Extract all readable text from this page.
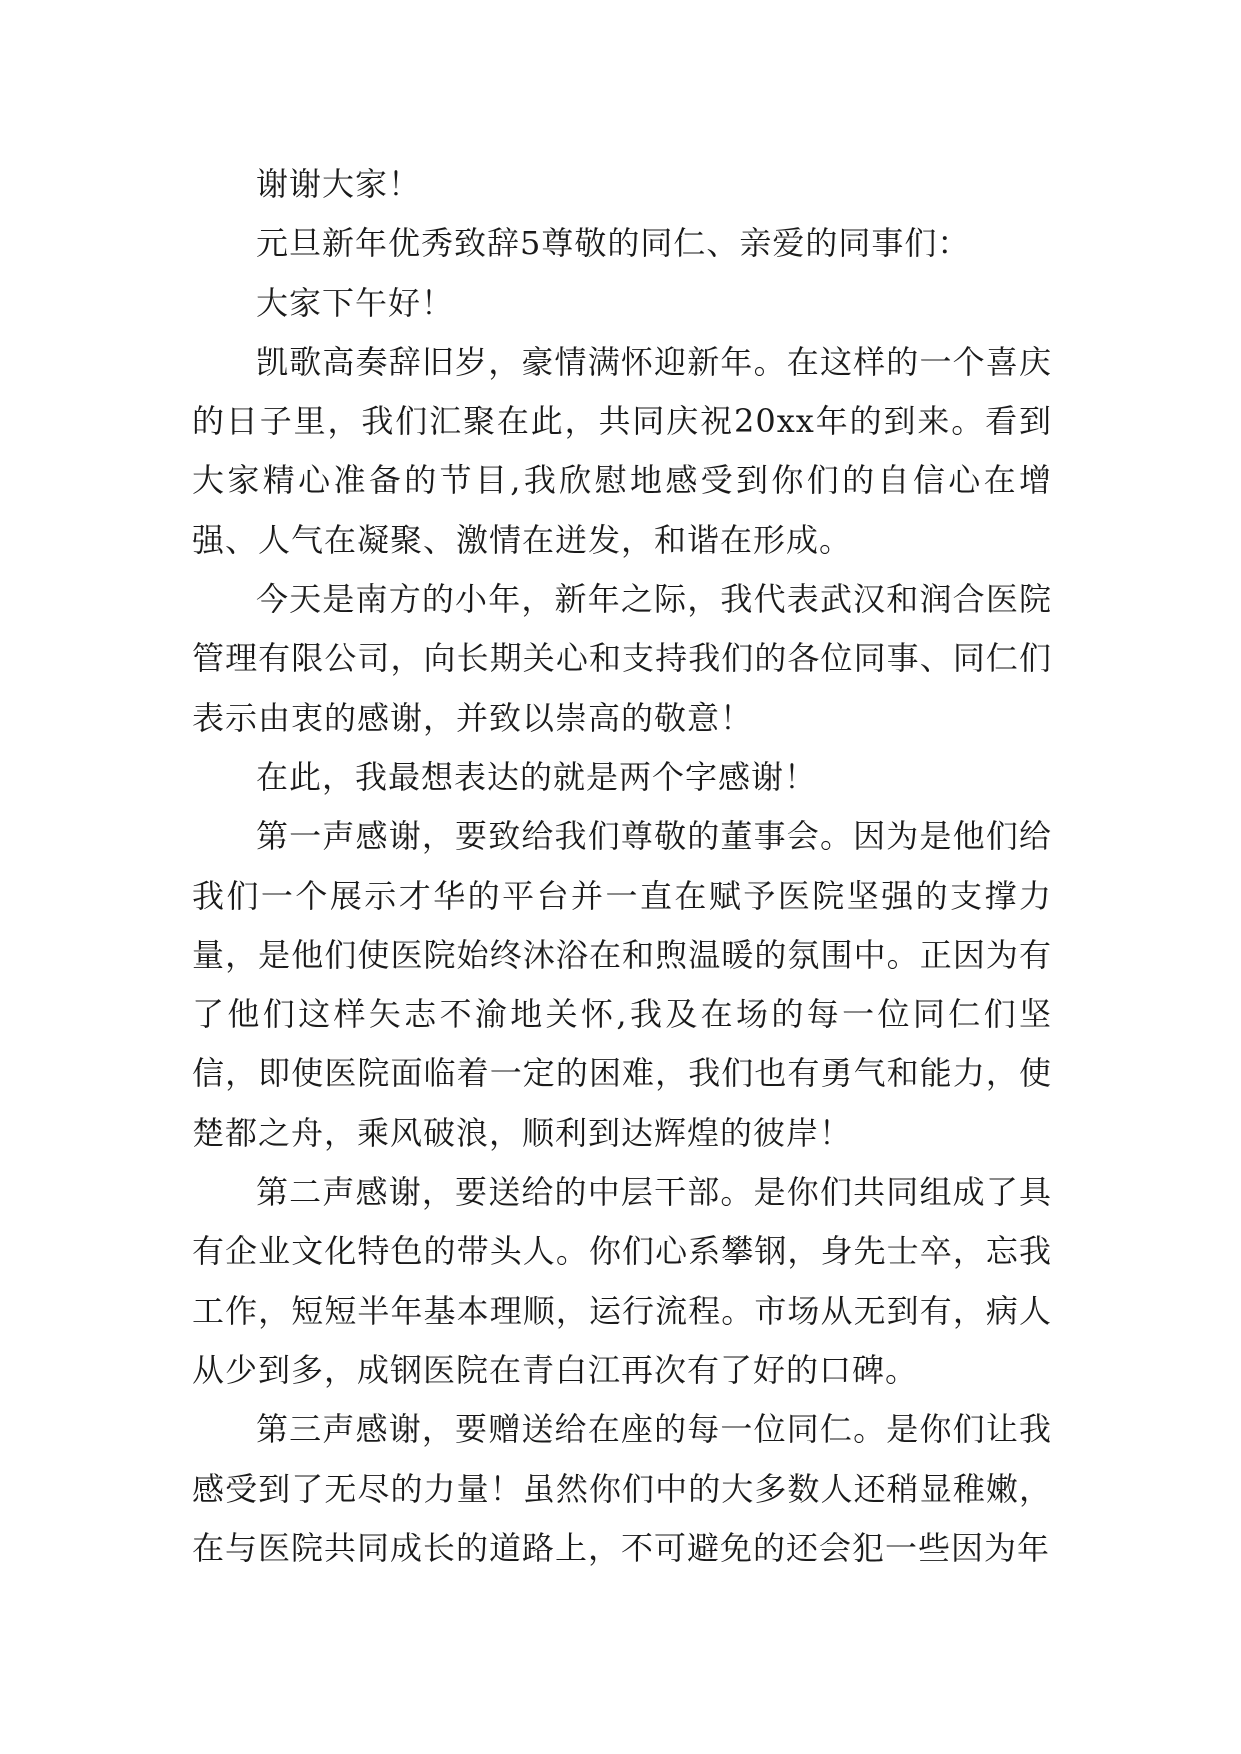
谢谢大家！

元旦新年优秀致辞5尊敬的同仁、亲爱的同事们：

大家下午好！

凯歌高奏辞旧岁，豪情满怀迎新年。在这样的一个喜庆的日子里，我们汇聚在此，共同庆祝20xx年的到来。看到大家精心准备的节目,我欣慰地感受到你们的自信心在增强、人气在凝聚、激情在迸发，和谐在形成。

今天是南方的小年，新年之际，我代表武汉和润合医院管理有限公司，向长期关心和支持我们的各位同事、同仁们表示由衷的感谢，并致以崇高的敬意！

在此，我最想表达的就是两个字感谢！

第一声感谢，要致给我们尊敬的董事会。因为是他们给我们一个展示才华的平台并一直在赋予医院坚强的支撑力量，是他们使医院始终沐浴在和煦温暖的氛围中。正因为有了他们这样矢志不渝地关怀,我及在场的每一位同仁们坚信，即使医院面临着一定的困难，我们也有勇气和能力，使楚都之舟，乘风破浪，顺利到达辉煌的彼岸！

第二声感谢，要送给的中层干部。是你们共同组成了具有企业文化特色的带头人。你们心系攀钢，身先士卒，忘我工作，短短半年基本理顺，运行流程。市场从无到有，病人从少到多，成钢医院在青白江再次有了好的口碑。

第三声感谢，要赠送给在座的每一位同仁。是你们让我感受到了无尽的力量！虽然你们中的大多数人还稍显稚嫩，在与医院共同成长的道路上，不可避免的还会犯一些因为年
